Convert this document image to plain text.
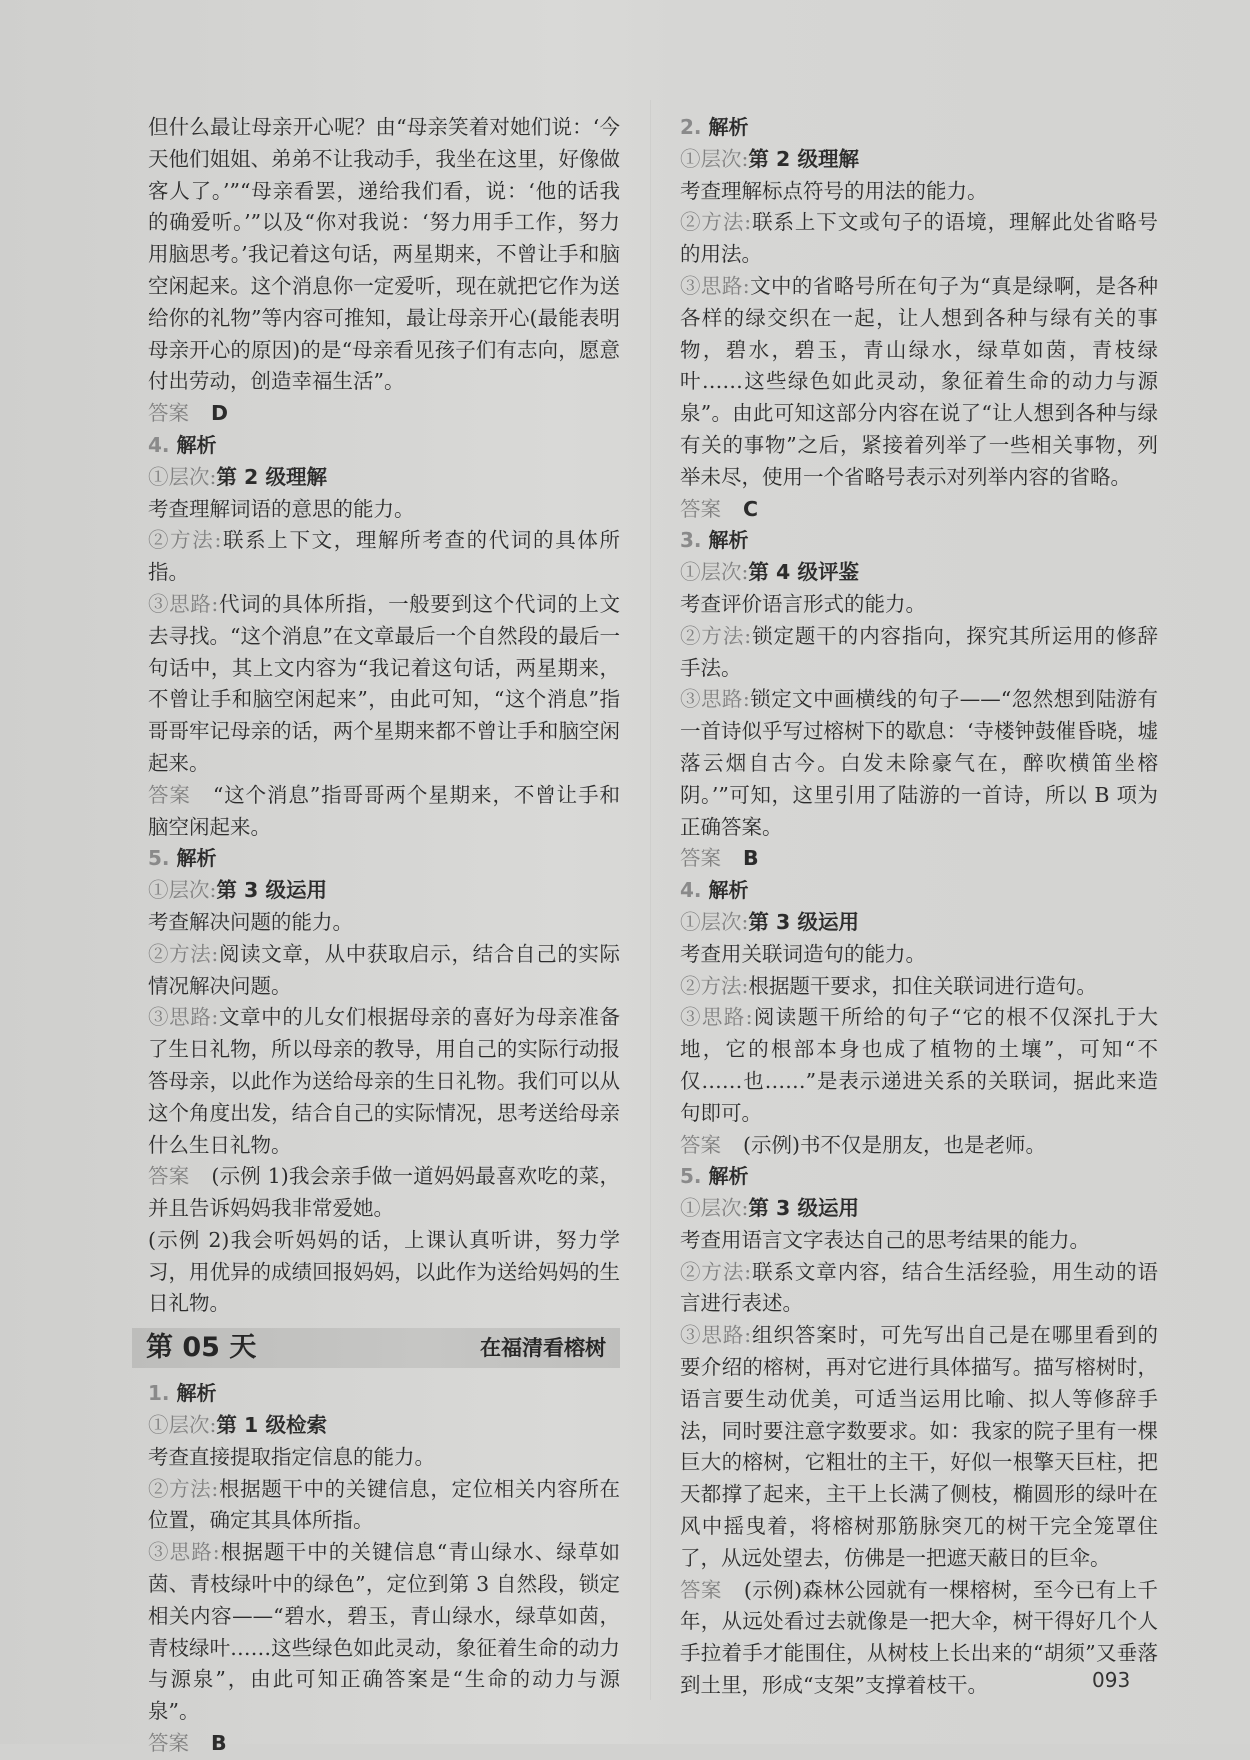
但什么最让母亲开心呢？由“母亲笑着对她们说：‘今天他们姐姐、弟弟不让我动手，我坐在这里，好像做客人了。’”“母亲看罢，递给我们看，说：‘他的话我的确爱听。’”以及“你对我说：‘努力用手工作，努力用脑思考。’我记着这句话，两星期来，不曾让手和脑空闲起来。这个消息你一定爱听，现在就把它作为送给你的礼物”等内容可推知，最让母亲开心(最能表明母亲开心的原因)的是“母亲看见孩子们有志向，愿意付出劳动，创造幸福生活”。

答案 D

4. 解析

①层次:第 2 级理解

考查理解词语的意思的能力。

②方法:联系上下文，理解所考查的代词的具体所指。

③思路:代词的具体所指，一般要到这个代词的上文去寻找。“这个消息”在文章最后一个自然段的最后一句话中，其上文内容为“我记着这句话，两星期来，不曾让手和脑空闲起来”，由此可知，“这个消息”指哥哥牢记母亲的话，两个星期来都不曾让手和脑空闲起来。

答案 “这个消息”指哥哥两个星期来，不曾让手和脑空闲起来。

5. 解析

①层次:第 3 级运用

考查解决问题的能力。

②方法:阅读文章，从中获取启示，结合自己的实际情况解决问题。

③思路:文章中的儿女们根据母亲的喜好为母亲准备了生日礼物，所以母亲的教导，用自己的实际行动报答母亲，以此作为送给母亲的生日礼物。我们可以从这个角度出发，结合自己的实际情况，思考送给母亲什么生日礼物。

答案 (示例 1)我会亲手做一道妈妈最喜欢吃的菜，并且告诉妈妈我非常爱她。

(示例 2)我会听妈妈的话，上课认真听讲，努力学习，用优异的成绩回报妈妈，以此作为送给妈妈的生日礼物。

第 05 天	在福清看榕树

1. 解析

①层次:第 1 级检索

考查直接提取指定信息的能力。

②方法:根据题干中的关键信息，定位相关内容所在位置，确定其具体所指。

③思路:根据题干中的关键信息“青山绿水、绿草如茵、青枝绿叶中的绿色”，定位到第 3 自然段，锁定相关内容——“碧水，碧玉，青山绿水，绿草如茵，青枝绿叶……这些绿色如此灵动，象征着生命的动力与源泉”，由此可知正确答案是“生命的动力与源泉”。

答案 B

2. 解析

①层次:第 2 级理解

考查理解标点符号的用法的能力。

②方法:联系上下文或句子的语境，理解此处省略号的用法。

③思路:文中的省略号所在句子为“真是绿啊，是各种各样的绿交织在一起，让人想到各种与绿有关的事物，碧水，碧玉，青山绿水，绿草如茵，青枝绿叶……这些绿色如此灵动，象征着生命的动力与源泉”。由此可知这部分内容在说了“让人想到各种与绿有关的事物”之后，紧接着列举了一些相关事物，列举未尽，使用一个省略号表示对列举内容的省略。

答案 C

3. 解析

①层次:第 4 级评鉴

考查评价语言形式的能力。

②方法:锁定题干的内容指向，探究其所运用的修辞手法。

③思路:锁定文中画横线的句子——“忽然想到陆游有一首诗似乎写过榕树下的歇息：‘寺楼钟鼓催昏晓，墟落云烟自古今。白发未除豪气在，醉吹横笛坐榕阴。’”可知，这里引用了陆游的一首诗，所以 B 项为正确答案。

答案 B

4. 解析

①层次:第 3 级运用

考查用关联词造句的能力。

②方法:根据题干要求，扣住关联词进行造句。

③思路:阅读题干所给的句子“它的根不仅深扎于大地，它的根部本身也成了植物的土壤”，可知“不仅……也……”是表示递进关系的关联词，据此来造句即可。

答案 (示例)书不仅是朋友，也是老师。

5. 解析

①层次:第 3 级运用

考查用语言文字表达自己的思考结果的能力。

②方法:联系文章内容，结合生活经验，用生动的语言进行表述。

③思路:组织答案时，可先写出自己是在哪里看到的要介绍的榕树，再对它进行具体描写。描写榕树时，语言要生动优美，可适当运用比喻、拟人等修辞手法，同时要注意字数要求。如：我家的院子里有一棵巨大的榕树，它粗壮的主干，好似一根擎天巨柱，把天都撑了起来，主干上长满了侧枝，椭圆形的绿叶在风中摇曳着，将榕树那筋脉突兀的树干完全笼罩住了，从远处望去，仿佛是一把遮天蔽日的巨伞。

答案 (示例)森林公园就有一棵榕树，至今已有上千年，从远处看过去就像是一把大伞，树干得好几个人手拉着手才能围住，从树枝上长出来的“胡须”又垂落到土里，形成“支架”支撑着枝干。	093
